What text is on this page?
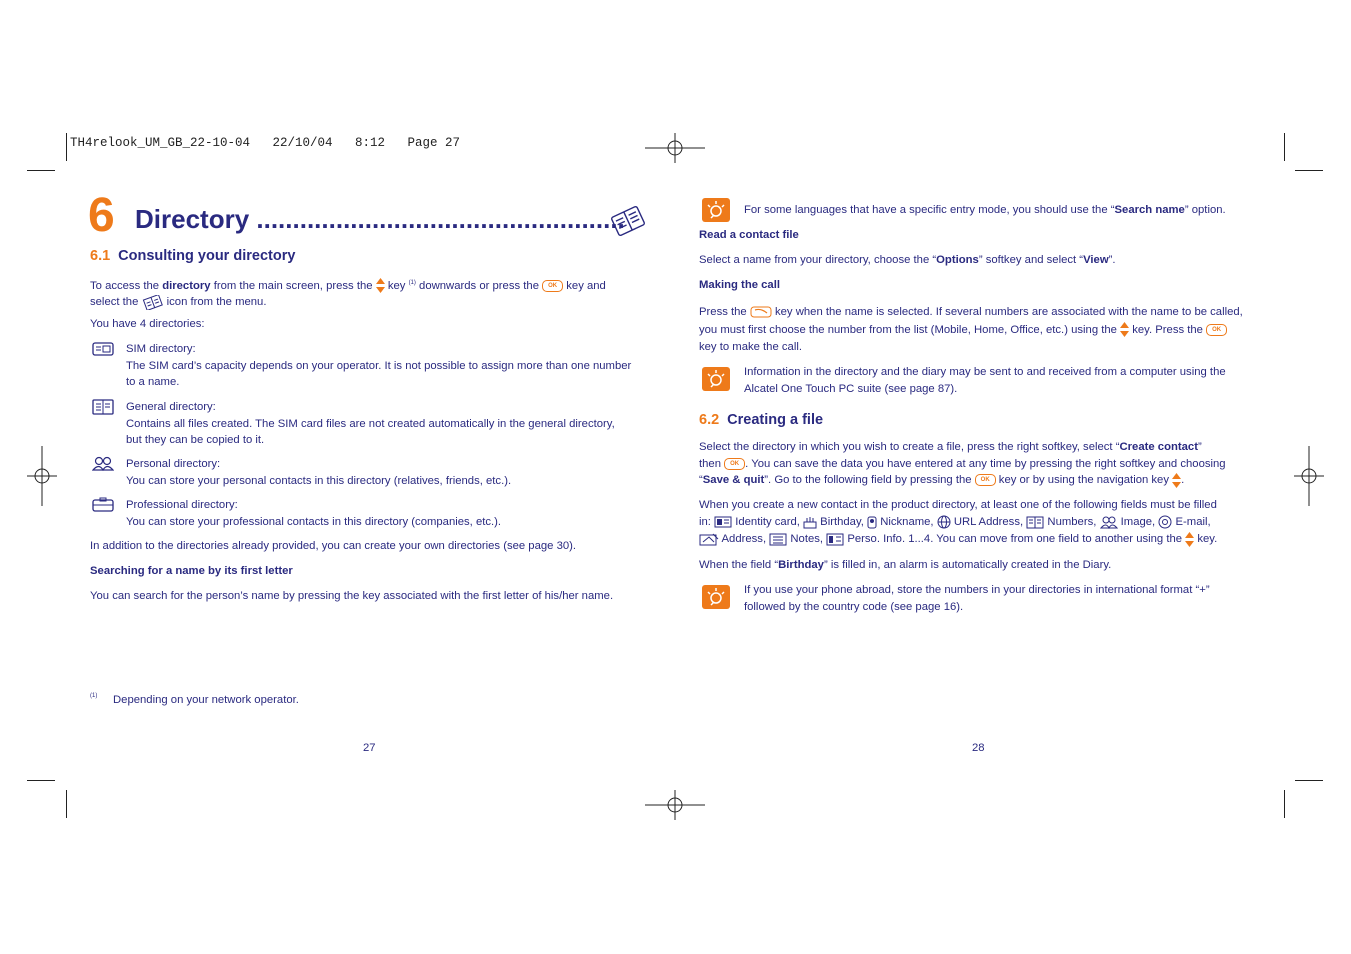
TH4relook_UM_GB_22-10-04   22/10/04   8:12   Page 27
6 Directory ...................................................
6.1 Consulting your directory

To access the directory from the main screen, press the  key $^{(1)}$ downwards or press the OK key and

select the  icon from the menu.

You have 4 directories:

SIM directory:

The SIM card’s capacity depends on your operator. It is not possible to assign more than one number

to a name.

General directory:

Contains all files created. The SIM card files are not created automatically in the general directory,

but they can be copied to it.

Personal directory:

You can store your personal contacts in this directory (relatives, friends, etc.).

Professional directory:

You can store your professional contacts in this directory (companies, etc.).

In addition to the directories already provided, you can create your own directories (see page 30).
Searching for a name by its first letter
You can search for the person’s name by pressing the key associated with the first letter of his/her name.
(1) Depending on your network operator.
27
For some languages that have a specific entry mode, you should use the “Search name” option.
Read a contact file
Select a name from your directory, choose the “Options” softkey and select “View”.
Making the call

Press the  key when the name is selected. If several numbers are associated with the name to be called,

you must first choose the number from the list (Mobile, Home, Office, etc.) using the  key. Press the OK

key to make the call.

Information in the directory and the diary may be sent to and received from a computer using the

Alcatel One Touch PC suite (see page 87).

6.2 Creating a file

Select the directory in which you wish to create a file, press the right softkey, select “Create contact”

then OK . You can save the data you have entered at any time by pressing the right softkey and choosing

“Save & quit”. Go to the following field by pressing the OK key or by using the navigation key .

When you create a new contact in the product directory, at least one of the following fields must be filled

in:  Identity card,  Birthday,  Nickname,  URL Address,  Numbers,  Image,  E-mail,

Address,  Notes,  Perso. Info. 1...4. You can move from one field to another using the  key.

When the field “Birthday” is filled in, an alarm is automatically created in the Diary.

If you use your phone abroad, store the numbers in your directories in international format “+”

followed by the country code (see page 16).

28
